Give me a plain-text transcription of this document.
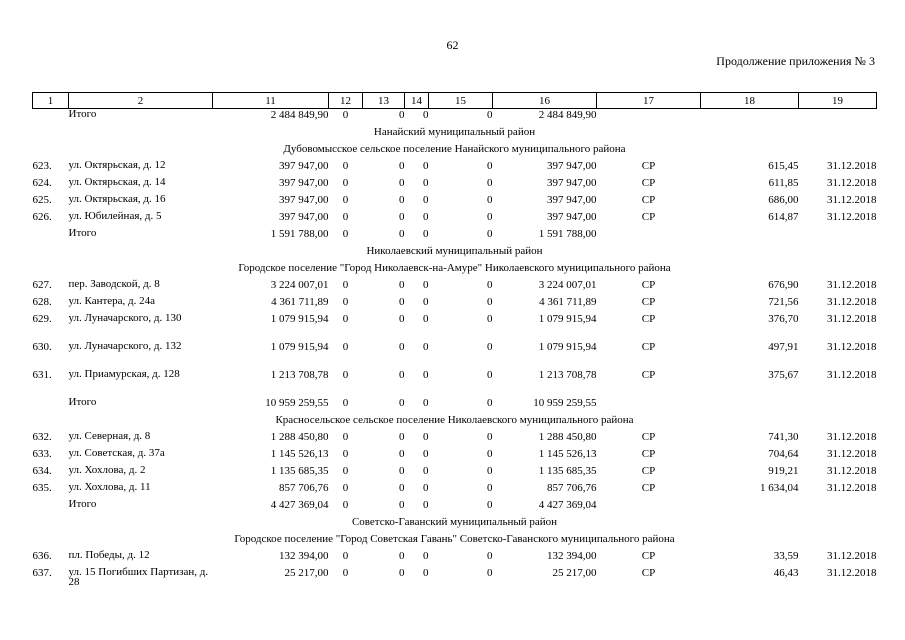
62
Продолжение приложения № 3
1	2	11	12	13	14	15	16	17	18	19
	Итого	2 484 849,90	0	0	0	0	2 484 849,90			
Нанайский муниципальный район										
Дубовомысское сельское поселение Нанайского муниципального района										
623.	ул. Октярьская, д. 12	397 947,00	0	0	0	0	397 947,00	СР	615,45	31.12.2018
624.	ул. Октярьская, д. 14	397 947,00	0	0	0	0	397 947,00	СР	611,85	31.12.2018
625.	ул. Октярьская, д. 16	397 947,00	0	0	0	0	397 947,00	СР	686,00	31.12.2018
626.	ул. Юбилейная, д. 5	397 947,00	0	0	0	0	397 947,00	СР	614,87	31.12.2018
	Итого	1 591 788,00	0	0	0	0	1 591 788,00			
Николаевский муниципальный район										
Городское поселение "Город Николаевск-на-Амуре" Николаевского муниципального района										
627.	пер. Заводской, д. 8	3 224 007,01	0	0	0	0	3 224 007,01	СР	676,90	31.12.2018
628.	ул. Кантера, д. 24а	4 361 711,89	0	0	0	0	4 361 711,89	СР	721,56	31.12.2018
629.	ул. Луначарского, д. 130	1 079 915,94	0	0	0	0	1 079 915,94	СР	376,70	31.12.2018
630.	ул. Луначарского, д. 132	1 079 915,94	0	0	0	0	1 079 915,94	СР	497,91	31.12.2018
631.	ул. Приамурская, д. 128	1 213 708,78	0	0	0	0	1 213 708,78	СР	375,67	31.12.2018
	Итого	10 959 259,55	0	0	0	0	10 959 259,55			
Красносельское сельское поселение Николаевского муниципального района										
632.	ул. Северная, д. 8	1 288 450,80	0	0	0	0	1 288 450,80	СР	741,30	31.12.2018
633.	ул. Советская, д. 37а	1 145 526,13	0	0	0	0	1 145 526,13	СР	704,64	31.12.2018
634.	ул. Хохлова, д. 2	1 135 685,35	0	0	0	0	1 135 685,35	СР	919,21	31.12.2018
635.	ул. Хохлова, д. 11	857 706,76	0	0	0	0	857 706,76	СР	1 634,04	31.12.2018
	Итого	4 427 369,04	0	0	0	0	4 427 369,04			
Советско-Гаванский муниципальный район										
Городское поселение "Город Советская Гавань" Советско-Гаванского муниципального района										
636.	пл. Победы, д. 12	132 394,00	0	0	0	0	132 394,00	СР	33,59	31.12.2018
637.	ул. 15 Погибших Партизан, д. 28	25 217,00	0	0	0	0	25 217,00	СР	46,43	31.12.2018
